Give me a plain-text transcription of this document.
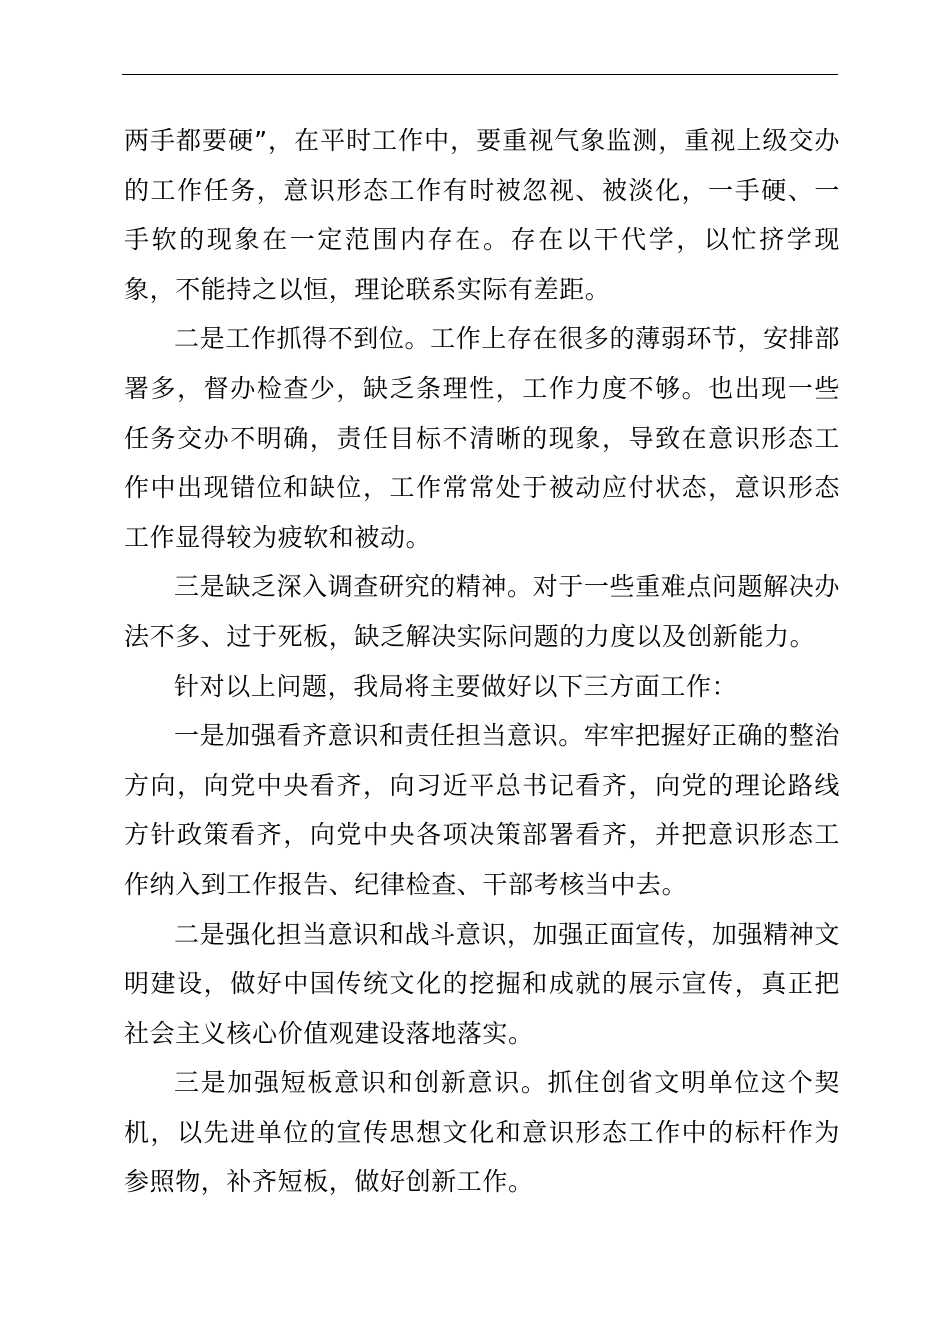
两手都要硬”，在平时工作中，要重视气象监测，重视上级交办的工作任务，意识形态工作有时被忽视、被淡化，一手硬、一手软的现象在一定范围内存在。存在以干代学，以忙挤学现象，不能持之以恒，理论联系实际有差距。

二是工作抓得不到位。工作上存在很多的薄弱环节，安排部署多，督办检查少，缺乏条理性，工作力度不够。也出现一些任务交办不明确，责任目标不清晰的现象，导致在意识形态工作中出现错位和缺位，工作常常处于被动应付状态，意识形态工作显得较为疲软和被动。

三是缺乏深入调查研究的精神。对于一些重难点问题解决办法不多、过于死板，缺乏解决实际问题的力度以及创新能力。

针对以上问题，我局将主要做好以下三方面工作：

一是加强看齐意识和责任担当意识。牢牢把握好正确的整治方向，向党中央看齐，向习近平总书记看齐，向党的理论路线方针政策看齐，向党中央各项决策部署看齐，并把意识形态工作纳入到工作报告、纪律检查、干部考核当中去。

二是强化担当意识和战斗意识，加强正面宣传，加强精神文明建设，做好中国传统文化的挖掘和成就的展示宣传，真正把社会主义核心价值观建设落地落实。

三是加强短板意识和创新意识。抓住创省文明单位这个契机，以先进单位的宣传思想文化和意识形态工作中的标杆作为参照物，补齐短板，做好创新工作。
